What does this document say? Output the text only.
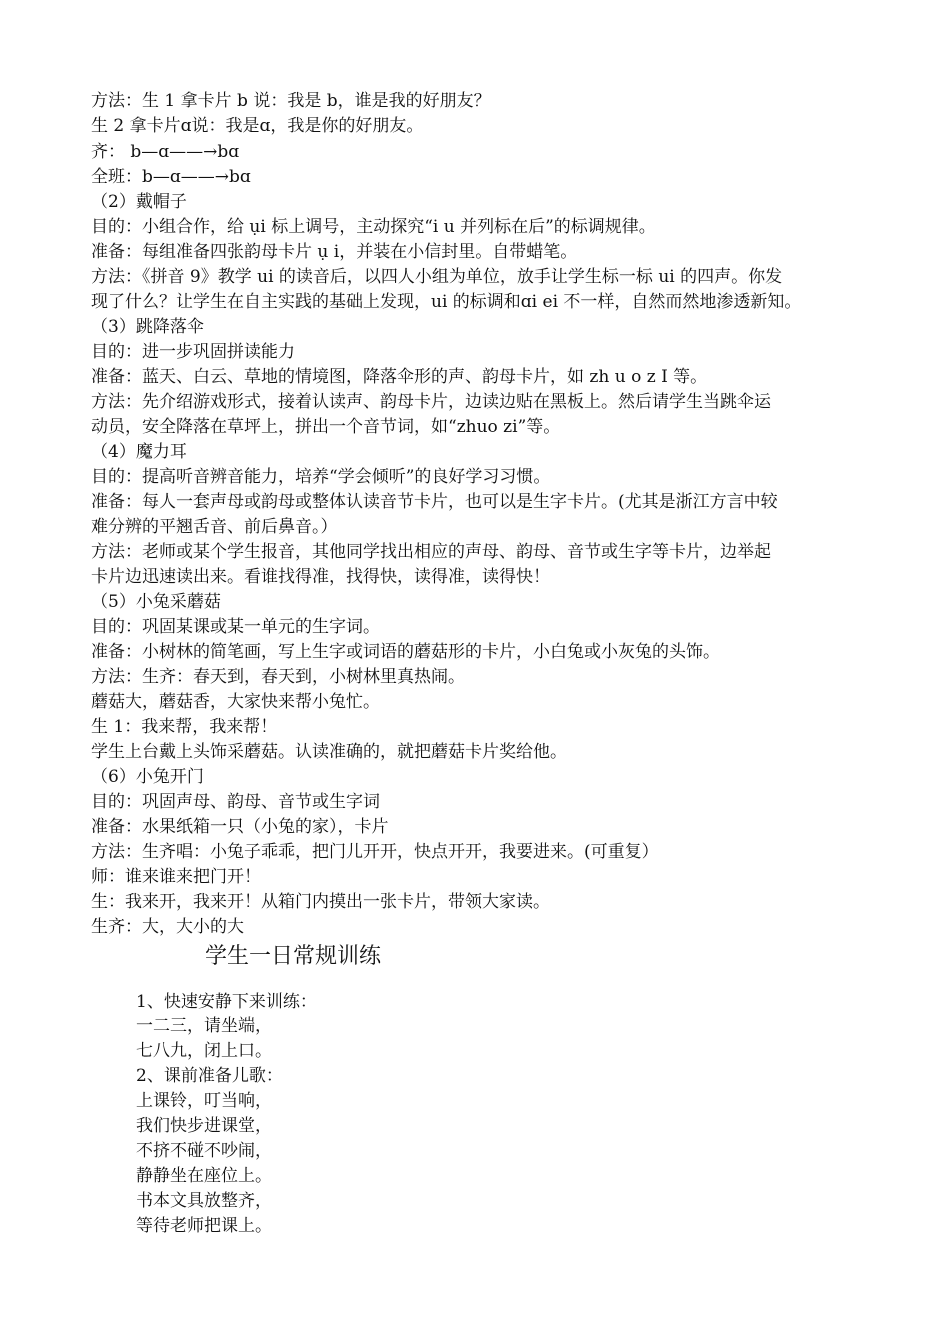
方法：生 1 拿卡片 b 说：我是 b，谁是我的好朋友？
生 2 拿卡片ɑ说：我是ɑ，我是你的好朋友。
齐： b—ɑ——→bɑ
全班：b—ɑ——→bɑ
（2）戴帽子
目的：小组合作，给 ụi 标上调号，主动探究“i u 并列标在后”的标调规律。
准备：每组准备四张韵母卡片 ụ i，并装在小信封里。自带蜡笔。
方法：《拼音 9》教学 ui 的读音后，以四人小组为单位，放手让学生标一标 ui 的四声。你发
现了什么？让学生在自主实践的基础上发现，ui 的标调和ɑi ei 不一样，自然而然地渗透新知。
（3）跳降落伞
目的：进一步巩固拼读能力
准备：蓝天、白云、草地的情境图，降落伞形的声、韵母卡片，如 zh u o z I 等。
方法：先介绍游戏形式，接着认读声、韵母卡片，边读边贴在黑板上。然后请学生当跳伞运
动员，安全降落在草坪上，拼出一个音节词，如“zhuo zi”等。
（4）魔力耳
目的：提高听音辨音能力，培养“学会倾听”的良好学习习惯。
准备：每人一套声母或韵母或整体认读音节卡片，也可以是生字卡片。(尤其是浙江方言中较
难分辨的平翘舌音、前后鼻音。）
方法：老师或某个学生报音，其他同学找出相应的声母、韵母、音节或生字等卡片，边举起
卡片边迅速读出来。看谁找得准，找得快，读得准，读得快！
（5）小兔采蘑菇
目的：巩固某课或某一单元的生字词。
准备：小树林的简笔画，写上生字或词语的蘑菇形的卡片，小白兔或小灰兔的头饰。
方法：生齐：春天到，春天到，小树林里真热闹。
蘑菇大，蘑菇香，大家快来帮小兔忙。
生 1：我来帮，我来帮！
学生上台戴上头饰采蘑菇。认读准确的，就把蘑菇卡片奖给他。
（6）小兔开门
目的：巩固声母、韵母、音节或生字词
准备：水果纸箱一只（小兔的家），卡片
方法：生齐唱：小兔子乖乖，把门儿开开，快点开开，我要进来。(可重复）
师：谁来谁来把门开！
生：我来开，我来开！从箱门内摸出一张卡片，带领大家读。
生齐：大，大小的大
学生一日常规训练
1、快速安静下来训练：
一二三，请坐端，
七八九，闭上口。
2、课前准备儿歌：
上课铃，叮当响，
我们快步进课堂，
不挤不碰不吵闹，
静静坐在座位上。
书本文具放整齐，
等待老师把课上。
